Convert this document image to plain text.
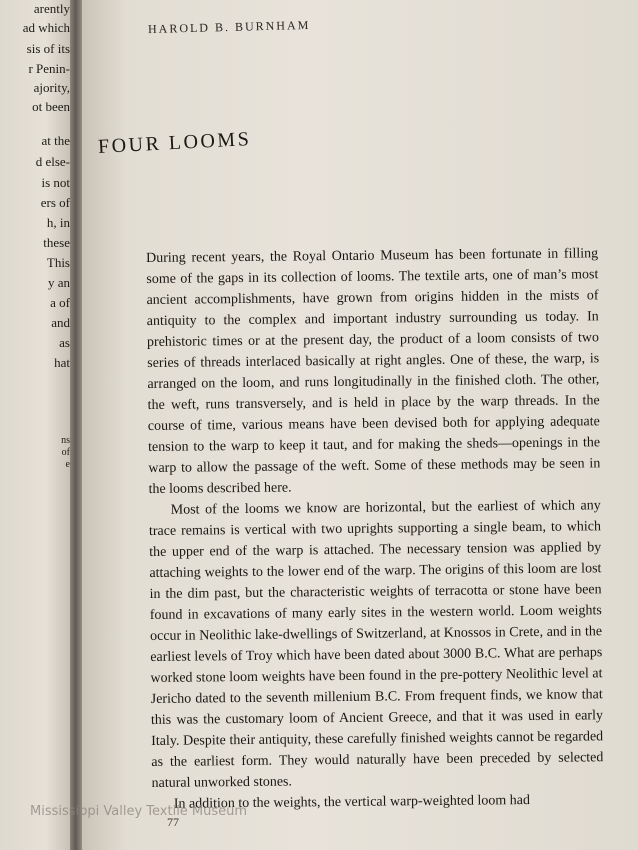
arently
ad which
sis of its
r Penin-
ajority,
ot been
at the
d else-
is not
ers of
h, in
these
This
y an
a of
and
as
hat
ns
of
e
HAROLD B. BURNHAM
FOUR LOOMS

During recent years, the Royal Ontario Museum has been fortunate in filling some of the gaps in its collection of looms. The textile arts, one of man’s most ancient accomplishments, have grown from origins hidden in the mists of antiquity to the complex and important industry surrounding us today. In prehistoric times or at the present day, the product of a loom consists of two series of threads interlaced basically at right angles. One of these, the warp, is arranged on the loom, and runs longitudinally in the finished cloth. The other, the weft, runs transversely, and is held in place by the warp threads. In the course of time, various means have been devised both for applying adequate tension to the warp to keep it taut, and for making the sheds—openings in the warp to allow the passage of the weft. Some of these methods may be seen in the looms described here.

Most of the looms we know are horizontal, but the earliest of which any trace remains is vertical with two uprights supporting a single beam, to which the upper end of the warp is attached. The necessary tension was applied by attaching weights to the lower end of the warp. The origins of this loom are lost in the dim past, but the characteristic weights of terracotta or stone have been found in excavations of many early sites in the western world. Loom weights occur in Neolithic lake-dwellings of Switzerland, at Knossos in Crete, and in the earliest levels of Troy which have been dated about 3000 B.C. What are perhaps worked stone loom weights have been found in the pre-pottery Neolithic level at Jericho dated to the seventh millenium B.C. From frequent finds, we know that this was the customary loom of Ancient Greece, and that it was used in early Italy. Despite their antiquity, these carefully finished weights cannot be regarded as the earliest form. They would naturally have been preceded by selected natural unworked stones.

In addition to the weights, the vertical warp-weighted loom had

Mississippi Valley Textile Museum
77
